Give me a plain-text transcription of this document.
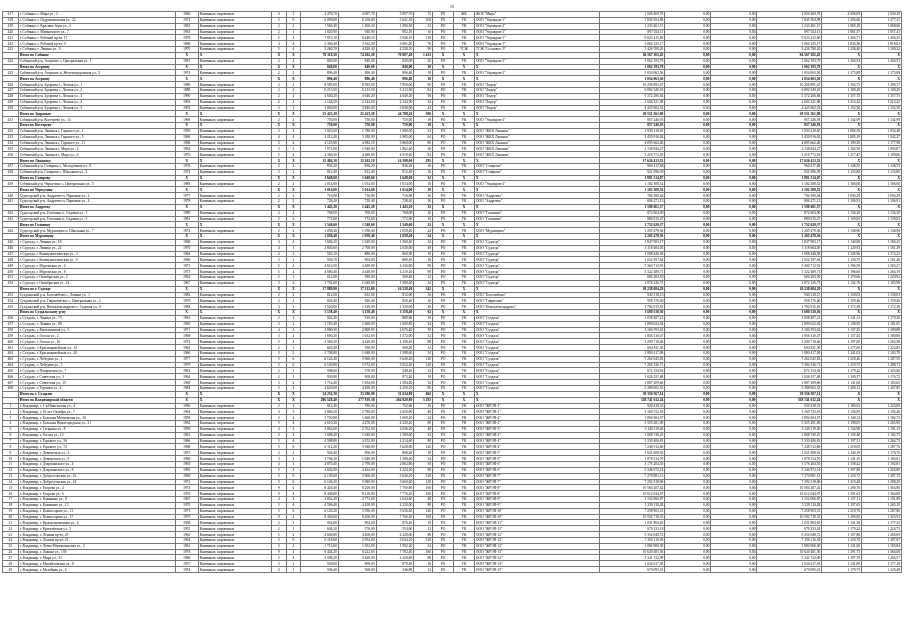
15
417	г. Собинка, г. Мира ул., 3	1966	Каменные, кирпичные	4	1	4 478,70	4 097,70	3 897,70	72	РО	ЖК	ЖСК "Мира"	1 929 469,78	0,00	0,00	1 929 469,78	2 056,09	1 930,29
418	г. Собинка, г. Гидроканальная ул., 22	1972	Каменные, кирпичные	5	6	6 099,80	6 106,80	5 641,30	100	РО	УК	ООО "Управдом-1"	7 845 504,98	0,00	0,00	7 845 504,98	1 294,66	1 277,31
419	г. Собинка, г. Красные Зори ул., 4	1965	Каменные, кирпичные	2	2	1 560,40	1 460,20	1 396,50	23	РО	УК	ООО "Управдом-2"	1 233 461,15	0,00	0,00	1 233 461,15	1 065,18	1 068,66
420	г. Собинка, г. Маяковского ул., 7	1963	Каменные, кирпичные	2	1	1 020,90	940,90	902,10	16	РО	УК	ООО "Управдом-2"	897 024,11	0,00	0,00	897 024,11	1 061,57	1 057,41
421	г. Собинка, г. Рабочий пр-кт, 17	1978	Каменные, кирпичные	5	4	7 019,10	6 448,10	5 946,10	118	РО	УК	ООО "Управдом-1"	9 023 415,60	0,00	0,00	9 023 415,60	1 456,71	1 456,25
422	г. Собинка, г. Рабочий пр-кт, 9	1968	Каменные, кирпичные	4	4	3 360,40	3 162,00	3 061,20	70	РО	УК	ООО "Управдом-1"	3 064 125,17	0,00	0,00	3 064 125,17	1 034,36	1 018,62
423	г. Собинка, г. Ленина ул., 9	1970	Каменные, кирпичные	5	4	5 260,70	4 820,40	4 520,10	90	РО	ТСЖ	ТСЖ "Сосновое, 9"	5 426 708,20	0,00	0,00	5 426 708,20	1 236,40	1 200,22
	Итого по Собинке	Х	Х	Х	Х	78 318,30	74 202,20	70 007,40	1 413	Х	Х	Х	94 567 302,45	0,00	0,00	94 567 302,45	Х	Х
424	Собинский р-н, Асерхово с, Центральная ул., 1	1981	Каменные, кирпичные	2	2	840,00	840,00	840,00	20	РО	УК	ООО "Управдом-2"	1 062 193,79	0,00	0,00	1 062 193,79	1 264,52	1 264,52
	Итого по Асерхову	Х	Х	Х	Х	840,00	840,00	840,00	20	Х	Х	Х	1 062 193,79	0,00	0,00	1 062 193,79	Х	Х
425	Собинский р-н, Асерхово п, Железнодорожная ул., 5	1974	Каменные, кирпичные	2	2	896,40	896,40	896,40	18	РО	УК	ООО "Управдом-2"	1 054 063,56	0,00	0,00	1 054 063,56	1 175,89	1 175,89
	Итого по Асерхову	Х	Х	Х	Х	896,40	896,40	896,40	18	Х	Х	Х	1 054 063,56	0,00	0,00	1 054 063,56	Х	Х
426	Собинский р-н, Здоровье с, Лесная ул., 1	1989	Каменные, кирпичные	2	2	8 585,00	8 585,00	7 950,00	90	РО	УК	ООО "Лидер"	10 256 891,47	0,00	0,00	10 256 891,47	1 194,75	1 290,17
427	Собинский р-н, Здоровье с, Лесная ул., 2	1988	Каменные, кирпичные	2	2	6 213,50	6 213,50	6 213,50	84	РО	УК	ООО "Лидер"	6 892 540,18	0,00	0,00	6 892 540,18	1 109,29	1 109,29
428	Собинский р-н, Здоровье с, Лесная ул., 3	1990	Каменные, кирпичные	2	2	4 640,20	4 640,20	4 640,20	56	РО	УК	ООО "Лидер"	5 372 206,84	0,00	0,00	5 372 206,84	1 157,75	1 157,75
429	Собинский р-н, Здоровье с, Лесная ул., 4	1994	Каменные, кирпичные	2	2	2 144,50	2 144,50	2 144,50	32	РО	УК	ООО "Лидер"	2 604 321,08	0,00	0,00	2 604 321,08	1 214,42	1 214,42
430	Собинский р-н, Здоровье с, Лесная ул., 5	1992	Каменные, кирпичные	2	2	3 840,00	3 840,00	3 840,00	44	РО	УК	ООО "Лидер"	4 425 602,33	0,00	0,00	4 425 602,33	1 152,50	1 152,50
	Итого по Здоровью	Х	Х	Х	Х	25 423,20	25 423,20	24 788,20	306	Х	Х	Х	29 551 561,90	0,00	0,00	29 551 561,90	Х	Х
431	Собинский р-н, Костерево ул., 14	1969	Каменные, кирпичные	2	2	750,00	750,00	750,00	18	РО	УК	ООО "Управдом-2"	857 246,93	0,00	0,00	857 246,93	1 142,99	1 142,99
	Итого по Костереву	Х	Х	Х	Х	750,00	750,00	750,00	18	Х	Х	Х	857 246,93	0,00	0,00	857 246,93	Х	Х
432	Собинский р-н, Лакинск г, Горького ул., 1	1959	Каменные, кирпичные	3	2	1 823,60	1 780,00	1 680,00	33	РО	УК	ООО "ЖКХ Лакинск"	1 930 218,65	0,00	0,00	1 930 218,65	1 084,39	1 054,48
433	Собинский р-н, Лакинск г, Горького ул., 5	1966	Каменные, кирпичные	4	4	3 212,40	3 180,00	2 985,00	64	РО	УК	ООО "ЖКХ Лакинск"	3 450 916,02	0,00	0,00	3 450 916,02	1 085,19	1 042,37
434	Собинский р-н, Лакинск г, Горького ул., 11	1968	Каменные, кирпичные	5	4	4 125,80	4 082,10	3 860,00	80	РО	УК	ООО "ЖКХ Лакинск"	4 895 662,40	0,00	0,00	4 895 662,40	1 199,30	1 177,98
435	Собинский р-н, Лакинск г, Мира ул., 2	1962	Каменные, кирпичные	3	3	1 972,00	1 940,00	1 862,40	36	РО	УК	ООО "ЖКХ Лакинск"	2 138 844,27	0,00	0,00	2 138 844,27	1 102,50	1 093,07
436	Собинский р-н, Лакинск г, Мира ул., 6	1970	Каменные, кирпичные	5	4	4 360,30	4 280,00	4 010,60	82	РО	УК	ООО "ЖКХ Лакинск"	5 210 772,18	0,00	0,00	5 210 772,18	1 217,47	1 199,60
	Итого по Лакинску	Х	Х	Х	Х	15 494,10	15 262,10	14 398,00	295	Х	Х	Х	17 626 413,52	0,00	0,00	17 626 413,52	Х	Х
437	Собинский р-н, Ставрово с, Молодёжная ул., 8	1976	Каменные, кирпичные	2	2	836,20	836,20	836,20	16	РО	УК	ООО "Ставрово"	960 417,68	0,00	0,00	960 417,68	1 148,55	1 148,55
438	Собинский р-н, Ставрово с, Школьная ул., 3	1974	Каменные, кирпичные	2	2	812,40	812,40	812,40	16	РО	УК	ООО "Ставрово"	921 096,39	0,00	0,00	921 096,39	1 133,80	1 133,80
	Итого по Ставрову	Х	Х	Х	Х	1 648,60	1 648,60	1 648,60	32	Х	Х	Х	1 881 514,07	0,00	0,00	1 881 514,07	Х	Х
439	Собинский р-н, Черкутино с, Центральная ул., 5	1985	Каменные, кирпичные	2	2	1 014,00	1 014,00	1 014,00	18	РО	УК	ООО "Управдом-2"	1 182 308,52	0,00	0,00	1 182 308,52	1 166,00	1 166,00
	Итого по Черкутину	Х	Х	Х	Х	1 014,00	1 014,00	1 014,00	18	Х	Х	Х	1 182 308,52	0,00	0,00	1 182 308,52	Х	Х
440	Судогодский р-н, Андреево п, Парковая ул., 2	1977	Каменные, кирпичные	2	2	716,80	716,80	716,80	16	РО	УК	ООО "Андреево"	784 390,44	0,00	0,00	784 390,44	1 094,29	1 094,29
441	Судогодский р-н, Андреево п, Парковая ул., 4	1978	Каменные, кирпичные	2	2	728,40	728,40	728,40	16	РО	УК	ООО "Андреево"	806 271,13	0,00	0,00	806 271,13	1 106,91	1 106,91
	Итого по Андрееву	Х	Х	Х	Х	1 445,20	1 445,20	1 445,20	32	Х	Х	Х	1 590 661,57	0,00	0,00	1 590 661,57	Х	Х
442	Судогодский р-н, Головино п, Садовая ул., 1	1980	Каменные, кирпичные	2	2	768,00	768,00	768,00	16	РО	УК	ООО "Головино"	872 604,90	0,00	0,00	872 604,90	1 136,20	1 136,20
443	Судогодский р-н, Головино п, Садовая ул., 3	1981	Каменные, кирпичные	2	2	772,60	772,60	772,60	16	РО	УК	ООО "Головино"	880 015,47	0,00	0,00	880 015,47	1 139,03	1 139,03
	Итого по Головину	Х	Х	Х	Х	1 540,60	1 540,60	1 540,60	32	Х	Х	Х	1 752 620,37	0,00	0,00	1 752 620,37	Х	Х
444	Судогодский р-н, Муромцево п, Школьная ул., 7	1972	Каменные, кирпичные	2	2	1 058,40	1 058,40	1 058,40	24	РО	УК	ООО "Муромцево"	1 205 478,36	0,00	0,00	1 205 478,36	1 138,96	1 138,96
	Итого по Муромцеву	Х	Х	Х	Х	1 058,40	1 058,40	1 058,40	24	Х	Х	Х	1 205 478,36	0,00	0,00	1 205 478,36	Х	Х
445	г. Судогда, г. Ленина ул., 18	1968	Каменные, кирпичные	3	2	1 684,20	1 620,00	1 560,40	32	РО	УК	ООО "Судогда"	1 847 903,17	0,00	0,00	1 847 903,17	1 140,68	1 184,25
446	г. Судогда, г. Ленина ул., 22	1970	Каменные, кирпичные	4	3	2 840,60	2 760,00	2 640,00	48	РО	УК	ООО "Судогда"	3 118 604,05	0,00	0,00	3 118 604,05	1 129,93	1 181,29
447	г. Судогда, г. Коммунистическая ул., 3	1964	Каменные, кирпичные	2	2	920,10	880,00	860,30	18	РО	УК	ООО "Судогда"	1 008 446,58	0,00	0,00	1 008 446,58	1 145,96	1 172,23
448	г. Судогда, г. Коммунистическая ул., 9	1966	Каменные, кирпичные	2	2	936,70	904,00	880,10	18	РО	УК	ООО "Судогда"	1 022 197,64	0,00	0,00	1 022 197,64	1 130,75	1 161,46
449	г. Судогда, г. Муромская ул., 4	1973	Каменные, кирпичные	5	4	4 612,50	4 480,00	4 236,80	90	РО	УК	ООО "Судогда"	5 360 712,91	0,00	0,00	5 360 712,91	1 196,59	1 265,27
450	г. Судогда, г. Муромская ул., 8	1975	Каменные, кирпичные	5	4	4 580,40	4 448,00	4 210,20	90	РО	УК	ООО "Судогда"	5 322 489,71	0,00	0,00	5 322 489,71	1 196,60	1 264,19
451	г. Судогда, г. Октябрьская ул., 2	1962	Каменные, кирпичные	2	1	612,80	580,00	560,40	12	РО	УК	ООО "Судогда"	684 203,50	0,00	0,00	684 203,50	1 179,66	1 220,92
452	г. Судогда, г. Октябрьская ул., 14	1967	Каменные, кирпичные	3	2	1 702,60	1 640,00	1 580,20	34	РО	УК	ООО "Судогда"	1 874 126,73	0,00	0,00	1 874 126,73	1 142,76	1 185,98
	Итого по г. Судогде	Х	Х	Х	Х	17 889,90	17 312,00	16 528,40	342	Х	Х	Х	20 238 684,29	0,00	0,00	20 238 684,29	Х	Х
453	Суздальский р-н, Боголюбово с, Ленина ул., 1	1982	Каменные, кирпичные	2	2	812,00	812,00	812,00	16	РО	УК	ООО "Боголюбово"	940 318,15	0,00	0,00	940 318,15	1 158,03	1 158,03
454	Суздальский р-н, Гавриловское с, Центральная ул., 2	1979	Каменные, кирпичные	2	2	826,40	826,40	826,40	16	РО	УК	ООО "Гаврилово"	958 176,40	0,00	0,00	958 176,40	1 159,46	1 159,46
455	Суздальский р-н, Новоалександрово с, Садовая ул., 6	1984	Каменные, кирпичные	3	3	1 520,00	1 520,00	1 520,00	30	РО	УК	ООО "Новоалександрово"	1 782 015,81	0,00	0,00	1 782 015,81	1 172,38	1 172,38
	Итого по Суздальскому р-ну	Х	Х	Х	Х	3 158,40	3 158,40	3 158,40	62	Х	Х	Х	3 680 510,36	0,00	0,00	3 680 510,36	Х	Х
456	г. Суздаль, г. Ленина ул., 73	1963	Каменные, кирпичные	2	2	942,40	910,00	880,60	18	РО	УК	ООО "Суздаль"	1 038 407,21	0,00	0,00	1 038 407,21	1 141,11	1 179,20
457	г. Суздаль, г. Ленина ул., 89	1965	Каменные, кирпичные	3	2	1 720,40	1 660,00	1 600,80	34	РО	УК	ООО "Суздаль"	1 890 622,04	0,00	0,00	1 890 622,04	1 138,93	1 181,05
458	г. Суздаль, г. Васильевская ул., 5	1971	Каменные, кирпичные	4	3	2 880,30	2 800,00	2 676,40	50	РО	УК	ООО "Суздаль"	3 184 593,62	0,00	0,00	3 184 593,62	1 137,35	1 189,88
459	г. Суздаль, г. Гоголя ул., 2	1968	Каменные, кирпичные	3	2	1 690,20	1 632,00	1 572,00	32	РО	УК	ООО "Суздаль"	1 856 310,47	0,00	0,00	1 856 310,47	1 137,44	1 180,86
460	г. Суздаль, г. Гоголя ул., 10	1974	Каменные, кирпичные	5	4	4 560,20	4 420,00	4 190,40	88	РО	УК	ООО "Суздаль"	5 290 718,46	0,00	0,00	5 290 718,46	1 197,00	1 262,58
461	г. Суздаль, г. Красноармейская ул., 12	1962	Каменные, кирпичные	2	1	620,40	590,00	568,20	12	РО	УК	ООО "Суздаль"	694 811,30	0,00	0,00	694 811,30	1 177,65	1 222,83
462	г. Суздаль, г. Красноармейская ул., 20	1966	Каменные, кирпичные	3	2	1 708,80	1 648,00	1 588,60	34	РО	УК	ООО "Суздаль"	1 880 417,09	0,00	0,00	1 880 417,09	1 141,03	1 183,70
463	г. Суздаль, г. Лебедева ул., 1	1977	Каменные, кирпичные	5	6	6 124,40	5 960,00	5 640,20	120	РО	УК	ООО "Суздаль"	7 262 045,83	0,00	0,00	7 262 045,83	1 218,46	1 287,55
464	г. Суздаль, г. Лебедева ул., 5	1979	Каменные, кирпичные	5	6	6 140,80	5 972,00	5 652,40	120	РО	УК	ООО "Суздаль"	7 284 336,71	0,00	0,00	7 284 336,71	1 219,75	1 288,71
465	г. Суздаль, г. Покровская ул., 7	1961	Каменные, кирпичные	2	1	598,60	570,00	548,40	12	РО	УК	ООО "Суздаль"	672 154,92	0,00	0,00	672 154,92	1 179,22	1 225,66
466	г. Суздаль, г. Советская ул., 3	1964	Каменные, кирпичные	2	2	930,80	900,00	872,20	18	РО	УК	ООО "Суздаль"	1 026 337,48	0,00	0,00	1 026 337,48	1 140,37	1 176,72
467	г. Суздаль, г. Советская ул., 15	1969	Каменные, кирпичные	3	2	1 714,40	1 654,00	1 594,40	34	РО	УК	ООО "Суздаль"	1 887 209,66	0,00	0,00	1 887 209,66	1 141,00	1 183,65
468	г. Суздаль, г. Теремки ул., 2	1984	Каменные, кирпичные	5	4	4 620,60	4 490,00	4 250,20	90	РО	УК	ООО "Суздаль"	5 388 602,35	0,00	0,00	5 388 602,35	1 200,13	1 267,85
	Итого по г. Суздалю	Х	Х	Х	Х	34 252,30	33 206,00	31 634,80	662	Х	Х	Х	39 356 567,14	0,00	0,00	39 356 567,14	Х	Х
	Итого по Владимирской области	Х	Х	Х	Х	286 528,40	277 810,30	264 920,80	5 292	Х	Х	Х	338 741 612,24	0,00	0,00	338 741 612,24	Х	Х
1	г. Владимир, г. 1-я Никольская ул., 4	1956	Каменные, кирпичные	2	2	812,40	780,00	752,60	16	РО	УК	ООО "ЖРЭП-1"	920 418,33	0,00	0,00	920 418,33	1 180,02	1 223,00
2	г. Владимир, г. 16 лет Октября ул., 7	1964	Каменные, кирпичные	4	3	2 860,20	2 780,00	2 650,60	48	РО	УК	ООО "ЖРЭП-1"	3 160 722,18	0,00	0,00	3 160 722,18	1 136,95	1 192,46
3	г. Владимир, г. Большая Московская ул., 10	1958	Каменные, кирпичные	3	2	1 720,80	1 660,00	1 600,20	32	РО	УК	ООО "ЖРЭП-2"	1 892 604,57	0,00	0,00	1 892 604,57	1 140,12	1 182,73
4	г. Владимир, г. Большая Нижегородская ул., 21	1962	Каменные, кирпичные	5	4	4 610,20	4 470,00	4 230,40	88	РО	УК	ООО "ЖРЭП-2"	5 355 281,09	0,00	0,00	5 355 281,09	1 198,05	1 265,90
5	г. Владимир, г. Гагарина ул., 8	1959	Каменные, кирпичные	4	3	2 842,60	2 762,00	2 636,20	48	РО	УК	ООО "ЖРЭП-3"	3 140 119,46	0,00	0,00	3 140 119,46	1 136,90	1 191,15
6	г. Владимир, г. Гоголя ул., 12	1961	Каменные, кирпичные	3	2	1 698,40	1 640,00	1 580,00	32	РО	УК	ООО "ЖРЭП-3"	1 868 740,25	0,00	0,00	1 868 740,25	1 139,48	1 182,75
7	г. Владимир, г. Горького ул., 56	1966	Каменные, кирпичные	5	4	4 588,80	4 452,00	4 214,60	88	РО	УК	ООО "ЖРЭП-4"	5 330 406,81	0,00	0,00	5 330 406,81	1 197,31	1 264,75
8	г. Владимир, г. Горького ул., 72	1968	Каменные, кирпичные	5	6	6 112,20	5 948,00	5 628,80	120	РО	УК	ООО "ЖРЭП-4"	7 248 512,60	0,00	0,00	7 248 512,60	1 218,65	1 287,76
9	г. Владимир, г. Девическая ул., 3	1957	Каменные, кирпичные	2	2	926,40	896,00	868,20	18	РО	УК	ООО "ЖРЭП-5"	1 021 608,92	0,00	0,00	1 021 608,92	1 140,19	1 176,70
10	г. Владимир, г. Девическая ул., 9	1960	Каменные, кирпичные	3	2	1 706,20	1 646,00	1 586,40	34	РО	УК	ООО "ЖРЭП-5"	1 878 314,70	0,00	0,00	1 878 314,70	1 141,15	1 184,01
11	г. Владимир, г. Дзержинского ул., 4	1963	Каменные, кирпичные	4	3	2 870,40	2 790,00	2 662,80	50	РО	УК	ООО "ЖРЭП-6"	3 176 204,55	0,00	0,00	3 176 204,55	1 138,42	1 192,81
12	г. Владимир, г. Дзержинского ул., 8	1965	Каменные, кирпичные	5	4	4 602,60	4 464,00	4 224,20	88	РО	УК	ООО "ЖРЭП-6"	5 346 972,14	0,00	0,00	5 346 972,14	1 197,80	1 265,80
13	г. Владимир, г. Добросельская ул., 16	1969	Каменные, кирпичные	5	6	6 130,60	5 966,00	5 646,20	120	РО	УК	ООО "ЖРЭП-7"	7 270 881,13	0,00	0,00	7 270 881,13	1 218,72	1 287,75
14	г. Владимир, г. Добросельская ул., 24	1972	Каменные, кирпичные	5	6	6 146,20	5 980,00	5 660,60	120	РО	УК	ООО "ЖРЭП-7"	7 292 518,06	0,00	0,00	7 292 518,06	1 219,48	1 288,29
15	г. Владимир, г. Егорова ул., 2	1974	Каменные, кирпичные	9	4	8 420,40	8 200,00	7 760,80	160	РО	УК	ООО "ЖРЭП-8"	10 584 207,42	0,00	0,00	10 584 207,42	1 290,76	1 363,80
16	г. Владимир, г. Егорова ул., 6	1976	Каменные, кирпичные	9	4	8 438,80	8 216,00	7 776,20	160	РО	УК	ООО "ЖРЭП-8"	10 612 044,97	0,00	0,00	10 612 044,97	1 291,63	1 364,68
17	г. Владимир, г. Каманина ул., 9	1967	Каменные, кирпичные	4	3	2 852,20	2 772,00	2 644,60	48	РО	УК	ООО "ЖРЭП-9"	3 152 066,87	0,00	0,00	3 152 066,87	1 137,11	1 191,89
18	г. Владимир, г. Каманина ул., 13	1970	Каменные, кирпичные	5	4	4 596,40	4 458,00	4 220,00	88	РО	УК	ООО "ЖРЭП-9"	5 339 110,28	0,00	0,00	5 339 110,28	1 197,65	1 265,19
19	г. Владимир, г. Комиссарова ул., 11	1973	Каменные, кирпичные	5	6	6 120,20	5 956,00	5 636,40	120	РО	УК	ООО "ЖРЭП-10"	7 258 903,51	0,00	0,00	7 258 903,51	1 218,76	1 287,86
20	г. Владимир, г. Комиссарова ул., 17	1975	Каменные, кирпичные	9	4	8 426,60	8 206,00	7 766,40	160	РО	УК	ООО "ЖРЭП-10"	10 592 718,33	0,00	0,00	10 592 718,33	1 290,85	1 363,93
21	г. Владимир, г. Краснознаменная ул., 4	1958	Каменные, кирпичные	2	2	934,60	904,00	876,40	18	РО	УК	ООО "ЖРЭП-11"	1 031 804,65	0,00	0,00	1 031 804,65	1 141,38	1 177,32
22	г. Владимир, г. Кремлёвская ул., 5	1955	Каменные, кирпичные	2	1	604,20	576,00	554,60	12	РО	УК	ООО "ЖРЭП-11"	679 233,18	0,00	0,00	679 233,18	1 179,22	1 224,73
23	г. Владимир, г. Ленина пр-кт, 25	1962	Каменные, кирпичные	5	4	4 606,80	4 468,00	4 228,60	88	РО	УК	ООО "ЖРЭП-12"	5 352 048,72	0,00	0,00	5 352 048,72	1 197,86	1 265,69
24	г. Владимир, г. Ленина пр-кт, 41	1964	Каменные, кирпичные	5	6	6 118,60	5 954,00	5 634,20	120	РО	УК	ООО "ЖРЭП-12"	7 256 116,94	0,00	0,00	7 256 116,94	1 218,70	1 287,87
25	г. Владимир, г. Летне-Перевозинская ул., 3	1961	Каменные, кирпичные	3	2	1 712,60	1 652,00	1 592,20	34	РО	УК	ООО "ЖРЭП-13"	1 884 906,30	0,00	0,00	1 884 906,30	1 141,00	1 183,84
26	г. Владимир, г. Лакина ул., 139	1978	Каменные, кирпичные	9	4	8 444,20	8 222,00	7 782,40	160	РО	УК	ООО "ЖРЭП-13"	10 620 481,56	0,00	0,00	10 620 481,56	1 291,73	1 364,68
27	г. Владимир, г. Мира ул., 31	1966	Каменные, кирпичные	5	4	4 598,20	4 460,00	4 220,80	88	РО	УК	ООО "ЖРЭП-14"	5 341 722,09	0,00	0,00	5 341 722,09	1 197,70	1 265,57
28	г. Владимир, г. Михайловская ул., 8	1957	Каменные, кирпичные	2	2	928,80	898,00	870,40	18	РО	УК	ООО "ЖРЭП-14"	1 024 617,03	0,00	0,00	1 024 617,03	1 141,00	1 177,18
29	г. Владимир, г. Музейная ул., 2	1954	Каменные, кирпичные	2	1	596,40	568,00	546,80	12	РО	УК	ООО "ЖРЭП-15"	670 095,41	0,00	0,00	670 095,41	1 179,75	1 225,48
